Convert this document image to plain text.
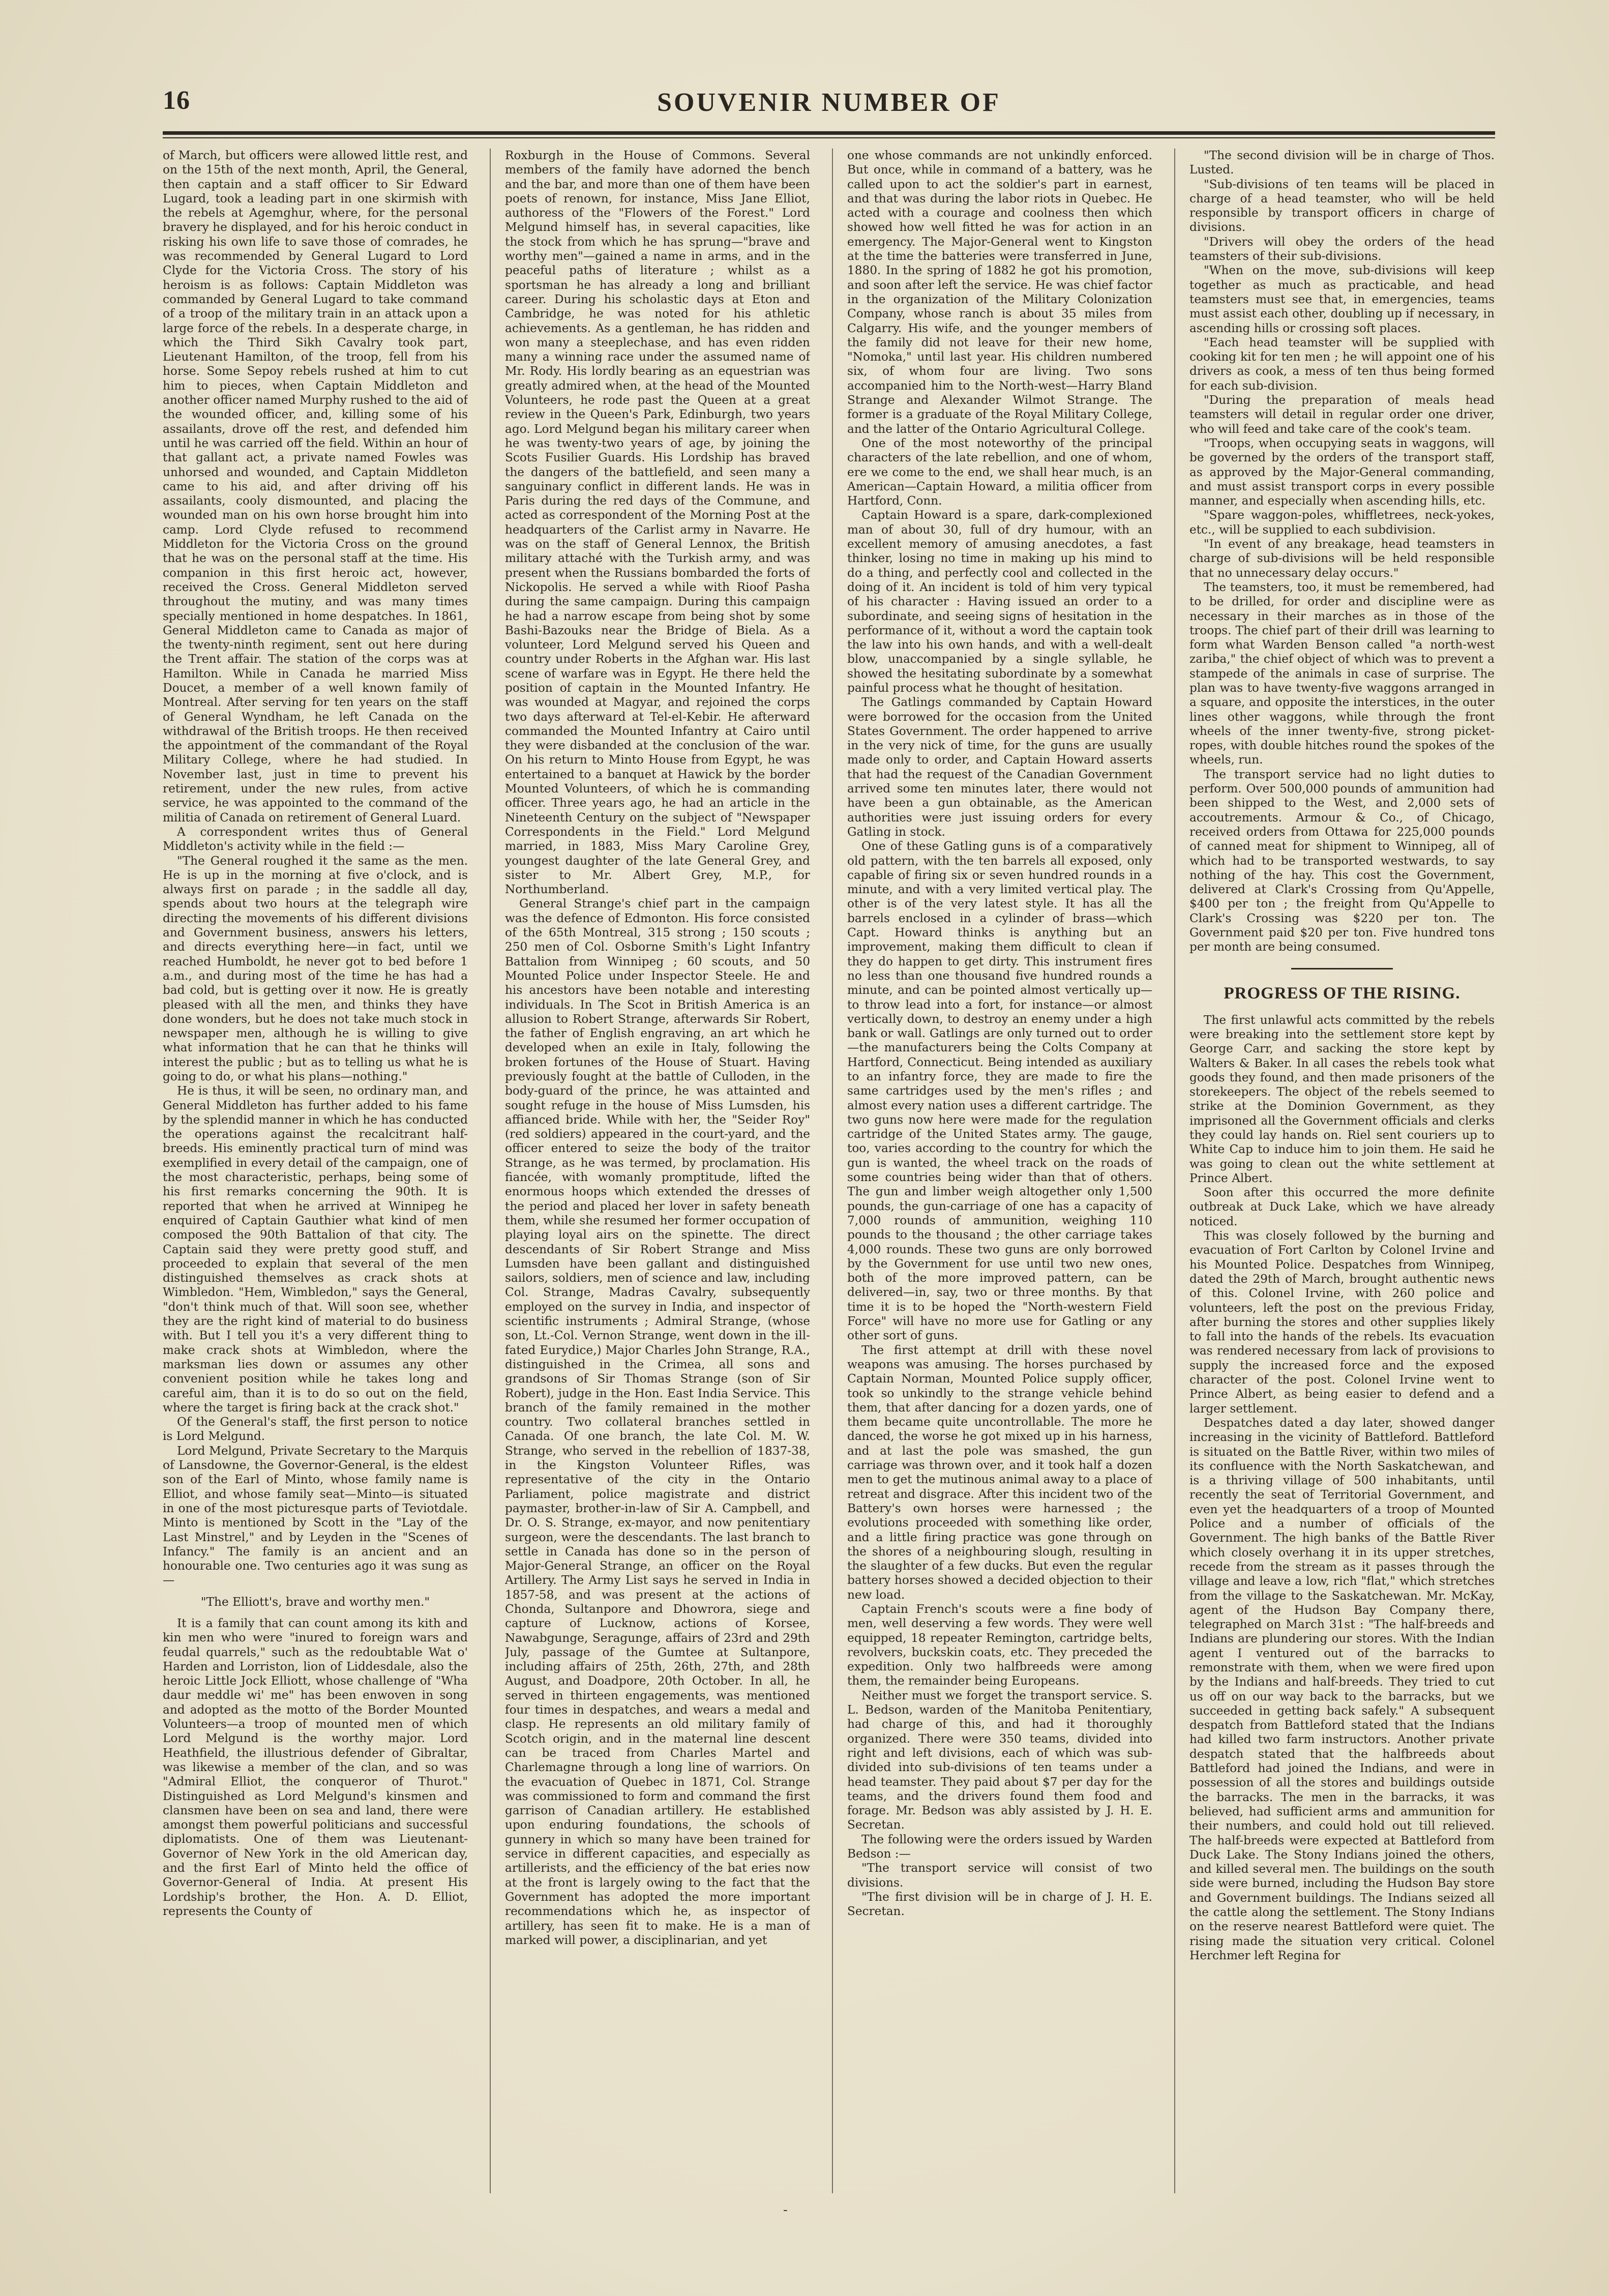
16	SOUVENIR NUMBER OF

of March, but officers were allowed little rest, and on the 15th of the next month, April, the General, then captain and a staff officer to Sir Edward Lugard, took a leading part in one skirmish with the rebels at Agemghur, where, for the personal bravery he displayed, and for his heroic conduct in risking his own life to save those of comrades, he was recommended by General Lugard to Lord Clyde for the Victoria Cross. The story of his heroism is as follows: Captain Middleton was commanded by General Lugard to take command of a troop of the military train in an attack upon a large force of the rebels. In a desperate charge, in which the Third Sikh Cavalry took part, Lieutenant Hamilton, of the troop, fell from his horse. Some Sepoy rebels rushed at him to cut him to pieces, when Captain Middleton and another officer named Murphy rushed to the aid of the wounded officer, and, killing some of his assailants, drove off the rest, and defended him until he was carried off the field. Within an hour of that gallant act, a private named Fowles was unhorsed and wounded, and Captain Middleton came to his aid, and after driving off his assailants, cooly dismounted, and placing the wounded man on his own horse brought him into camp. Lord Clyde refused to recommend Middleton for the Victoria Cross on the ground that he was on the personal staff at the time. His companion in this first heroic act, however, received the Cross. General Middleton served throughout the mutiny, and was many times specially mentioned in home despatches. In 1861, General Middleton came to Canada as major of the twenty-ninth regiment, sent out here during the Trent affair. The station of the corps was at Hamilton. While in Canada he married Miss Doucet, a member of a well known family of Montreal. After serving for ten years on the staff of General Wyndham, he left Canada on the withdrawal of the British troops. He then received the appointment of the commandant of the Royal Military College, where he had studied. In November last, just in time to prevent his retirement, under the new rules, from active service, he was appointed to the command of the militia of Canada on retirement of General Luard.

A correspondent writes thus of General Middleton's activity while in the field :—

"The General roughed it the same as the men. He is up in the morning at five o'clock, and is always first on parade ; in the saddle all day, spends about two hours at the telegraph wire directing the movements of his different divisions and Government business, answers his letters, and directs everything here—in fact, until we reached Humboldt, he never got to bed before 1 a.m., and during most of the time he has had a bad cold, but is getting over it now. He is greatly pleased with all the men, and thinks they have done wonders, but he does not take much stock in newspaper men, although he is willing to give what information that he can that he thinks will interest the public ; but as to telling us what he is going to do, or what his plans—nothing."

He is thus, it will be seen, no ordinary man, and General Middleton has further added to his fame by the splendid manner in which he has conducted the operations against the recalcitrant half-breeds. His eminently practical turn of mind was exemplified in every detail of the campaign, one of the most characteristic, perhaps, being some of his first remarks concerning the 90th. It is reported that when he arrived at Winnipeg he enquired of Captain Gauthier what kind of men composed the 90th Battalion of that city. The Captain said they were pretty good stuff, and proceeded to explain that several of the men distinguished themselves as crack shots at Wimbledon. "Hem, Wimbledon," says the General, "don't think much of that. Will soon see, whether they are the right kind of material to do business with. But I tell you it's a very different thing to make crack shots at Wimbledon, where the marksman lies down or assumes any other convenient position while he takes long and careful aim, than it is to do so out on the field, where the target is firing back at the crack shot."

Of the General's staff, the first person to notice is Lord Melgund.

Lord Melgund, Private Secretary to the Marquis of Lansdowne, the Governor-General, is the eldest son of the Earl of Minto, whose family name is Elliot, and whose family seat—Minto—is situated in one of the most picturesque parts of Teviotdale. Minto is mentioned by Scott in the "Lay of the Last Minstrel," and by Leyden in the "Scenes of Infancy." The family is an ancient and an honourable one. Two centuries ago it was sung as—

"The Elliott's, brave and worthy men."

It is a family that can count among its kith and kin men who were "inured to foreign wars and feudal quarrels," such as the redoubtable Wat o' Harden and Lorriston, lion of Liddesdale, also the heroic Little Jock Elliott, whose challenge of "Wha daur meddle wi' me" has been enwoven in song and adopted as the motto of the Border Mounted Volunteers—a troop of mounted men of which Lord Melgund is the worthy major. Lord Heathfield, the illustrious defender of Gibraltar, was likewise a member of the clan, and so was "Admiral Elliot, the conqueror of Thurot." Distinguished as Lord Melgund's kinsmen and clansmen have been on sea and land, there were amongst them powerful politicians and successful diplomatists. One of them was Lieutenant-Governor of New York in the old American day, and the first Earl of Minto held the office of Governor-General of India. At present His Lordship's brother, the Hon. A. D. Elliot, represents the County of

Roxburgh in the House of Commons. Several members of the family have adorned the bench and the bar, and more than one of them have been poets of renown, for instance, Miss Jane Elliot, authoress of the "Flowers of the Forest." Lord Melgund himself has, in several capacities, like the stock from which he has sprung—"brave and worthy men"—gained a name in arms, and in the peaceful paths of literature ; whilst as a sportsman he has already a long and brilliant career. During his scholastic days at Eton and Cambridge, he was noted for his athletic achievements. As a gentleman, he has ridden and won many a steeplechase, and has even ridden many a winning race under the assumed name of Mr. Rody. His lordly bearing as an equestrian was greatly admired when, at the head of the Mounted Volunteers, he rode past the Queen at a great review in the Queen's Park, Edinburgh, two years ago. Lord Melgund began his military career when he was twenty-two years of age, by joining the Scots Fusilier Guards. His Lordship has braved the dangers of the battlefield, and seen many a sanguinary conflict in different lands. He was in Paris during the red days of the Commune, and acted as correspondent of the Morning Post at the headquarters of the Carlist army in Navarre. He was on the staff of General Lennox, the British military attaché with the Turkish army, and was present when the Russians bombarded the forts of Nickopolis. He served a while with Rioof Pasha during the same campaign. During this campaign he had a narrow escape from being shot by some Bashi-Bazouks near the Bridge of Biela. As a volunteer, Lord Melgund served his Queen and country under Roberts in the Afghan war. His last scene of warfare was in Egypt. He there held the position of captain in the Mounted Infantry. He was wounded at Magyar, and rejoined the corps two days afterward at Tel-el-Kebir. He afterward commanded the Mounted Infantry at Cairo until they were disbanded at the conclusion of the war. On his return to Minto House from Egypt, he was entertained to a banquet at Hawick by the border Mounted Volunteers, of which he is commanding officer. Three years ago, he had an article in the Nineteenth Century on the subject of "Newspaper Correspondents in the Field." Lord Melgund married, in 1883, Miss Mary Caroline Grey, youngest daughter of the late General Grey, and sister to Mr. Albert Grey, M.P., for Northumberland.

General Strange's chief part in the campaign was the defence of Edmonton. His force consisted of the 65th Montreal, 315 strong ; 150 scouts ; 250 men of Col. Osborne Smith's Light Infantry Battalion from Winnipeg ; 60 scouts, and 50 Mounted Police under Inspector Steele. He and his ancestors have been notable and interesting individuals. In The Scot in British America is an allusion to Robert Strange, afterwards Sir Robert, the father of English engraving, an art which he developed when an exile in Italy, following the broken fortunes of the House of Stuart. Having previously fought at the battle of Culloden, in the body-guard of the prince, he was attainted and sought refuge in the house of Miss Lumsden, his affianced bride. While with her, the "Seider Roy" (red soldiers) appeared in the court-yard, and the officer entered to seize the body of the traitor Strange, as he was termed, by proclamation. His fiancée, with womanly promptitude, lifted the enormous hoops which extended the dresses of the period and placed her lover in safety beneath them, while she resumed her former occupation of playing loyal airs on the spinette. The direct descendants of Sir Robert Strange and Miss Lumsden have been gallant and distinguished sailors, soldiers, men of science and law, including Col. Strange, Madras Cavalry, subsequently employed on the survey in India, and inspector of scientific instruments ; Admiral Strange, (whose son, Lt.-Col. Vernon Strange, went down in the ill-fated Eurydice,) Major Charles John Strange, R.A., distinguished in the Crimea, all sons and grandsons of Sir Thomas Strange (son of Sir Robert), judge in the Hon. East India Service. This branch of the family remained in the mother country. Two collateral branches settled in Canada. Of one branch, the late Col. M. W. Strange, who served in the rebellion of 1837-38, in the Kingston Volunteer Rifles, was representative of the city in the Ontario Parliament, police magistrate and district paymaster, brother-in-law of Sir A. Campbell, and Dr. O. S. Strange, ex-mayor, and now penitentiary surgeon, were the descendants. The last branch to settle in Canada has done so in the person of Major-General Strange, an officer on the Royal Artillery. The Army List says he served in India in 1857-58, and was present at the actions of Chonda, Sultanpore and Dhowrora, siege and capture of Lucknow, actions of Korsee, Nawabgunge, Seragunge, affairs of 23rd and 29th July, passage of the Gumtee at Sultanpore, including affairs of 25th, 26th, 27th, and 28th August, and Doadpore, 20th October. In all, he served in thirteen engagements, was mentioned four times in despatches, and wears a medal and clasp. He represents an old military family of Scotch origin, and in the maternal line descent can be traced from Charles Martel and Charlemagne through a long line of warriors. On the evacuation of Quebec in 1871, Col. Strange was commissioned to form and command the first garrison of Canadian artillery. He established upon enduring foundations, the schools of gunnery in which so many have been trained for service in different capacities, and especially as artillerists, and the efficiency of the bat eries now at the front is largely owing to the fact that the Government has adopted the more important recommendations which he, as inspector of artillery, has seen fit to make. He is a man of marked will power, a disciplinarian, and yet

one whose commands are not unkindly enforced. But once, while in command of a battery, was he called upon to act the soldier's part in earnest, and that was during the labor riots in Quebec. He acted with a courage and coolness then which showed how well fitted he was for action in an emergency. The Major-General went to Kingston at the time the batteries were transferred in June, 1880. In the spring of 1882 he got his promotion, and soon after left the service. He was chief factor in the organization of the Military Colonization Company, whose ranch is about 35 miles from Calgarry. His wife, and the younger members of the family did not leave for their new home, "Nomoka," until last year. His children numbered six, of whom four are living. Two sons accompanied him to the North-west—Harry Bland Strange and Alexander Wilmot Strange. The former is a graduate of the Royal Military College, and the latter of the Ontario Agricultural College.

One of the most noteworthy of the principal characters of the late rebellion, and one of whom, ere we come to the end, we shall hear much, is an American—Captain Howard, a militia officer from Hartford, Conn.

Captain Howard is a spare, dark-complexioned man of about 30, full of dry humour, with an excellent memory of amusing anecdotes, a fast thinker, losing no time in making up his mind to do a thing, and perfectly cool and collected in the doing of it. An incident is told of him very typical of his character : Having issued an order to a subordinate, and seeing signs of hesitation in the performance of it, without a word the captain took the law into his own hands, and with a well-dealt blow, unaccompanied by a single syllable, he showed the hesitating subordinate by a somewhat painful process what he thought of hesitation.

The Gatlings commanded by Captain Howard were borrowed for the occasion from the United States Government. The order happened to arrive in the very nick of time, for the guns are usually made only to order, and Captain Howard asserts that had the request of the Canadian Government arrived some ten minutes later, there would not have been a gun obtainable, as the American authorities were just issuing orders for every Gatling in stock.

One of these Gatling guns is of a comparatively old pattern, with the ten barrels all exposed, only capable of firing six or seven hundred rounds in a minute, and with a very limited vertical play. The other is of the very latest style. It has all the barrels enclosed in a cylinder of brass—which Capt. Howard thinks is anything but an improvement, making them difficult to clean if they do happen to get dirty. This instrument fires no less than one thousand five hundred rounds a minute, and can be pointed almost vertically up—to throw lead into a fort, for instance—or almost vertically down, to destroy an enemy under a high bank or wall. Gatlings are only turned out to order —the manufacturers being the Colts Company at Hartford, Connecticut. Being intended as auxiliary to an infantry force, they are made to fire the same cartridges used by the men's rifles ; and almost every nation uses a different cartridge. The two guns now here were made for the regulation cartridge of the United States army. The gauge, too, varies according to the country for which the gun is wanted, the wheel track on the roads of some countries being wider than that of others. The gun and limber weigh altogether only 1,500 pounds, the gun-carriage of one has a capacity of 7,000 rounds of ammunition, weighing 110 pounds to the thousand ; the other carriage takes 4,000 rounds. These two guns are only borrowed by the Government for use until two new ones, both of the more improved pattern, can be delivered—in, say, two or three months. By that time it is to be hoped the "North-western Field Force" will have no more use for Gatling or any other sort of guns.

The first attempt at drill with these novel weapons was amusing. The horses purchased by Captain Norman, Mounted Police supply officer, took so unkindly to the strange vehicle behind them, that after dancing for a dozen yards, one of them became quite uncontrollable. The more he danced, the worse he got mixed up in his harness, and at last the pole was smashed, the gun carriage was thrown over, and it took half a dozen men to get the mutinous animal away to a place of retreat and disgrace. After this incident two of the Battery's own horses were harnessed ; the evolutions proceeded with something like order, and a little firing practice was gone through on the shores of a neighbouring slough, resulting in the slaughter of a few ducks. But even the regular battery horses showed a decided objection to their new load.

Captain French's scouts were a fine body of men, well deserving a few words. They were well equipped, 18 repeater Remington, cartridge belts, revolvers, buckskin coats, etc. They preceded the expedition. Only two halfbreeds were among them, the remainder being Europeans.

Neither must we forget the transport service. S. L. Bedson, warden of the Manitoba Penitentiary, had charge of this, and had it thoroughly organized. There were 350 teams, divided into right and left divisions, each of which was sub-divided into sub-divisions of ten teams under a head teamster. They paid about $7 per day for the teams, and the drivers found them food and forage. Mr. Bedson was ably assisted by J. H. E. Secretan.

The following were the orders issued by Warden Bedson :—

"The transport service will consist of two divisions.

"The first division will be in charge of J. H. E. Secretan.

"The second division will be in charge of Thos. Lusted.

"Sub-divisions of ten teams will be placed in charge of a head teamster, who will be held responsible by transport officers in charge of divisions.

"Drivers will obey the orders of the head teamsters of their sub-divisions.

"When on the move, sub-divisions will keep together as much as practicable, and head teamsters must see that, in emergencies, teams must assist each other, doubling up if necessary, in ascending hills or crossing soft places.

"Each head teamster will be supplied with cooking kit for ten men ; he will appoint one of his drivers as cook, a mess of ten thus being formed for each sub-division.

"During the preparation of meals head teamsters will detail in regular order one driver, who will feed and take care of the cook's team.

"Troops, when occupying seats in waggons, will be governed by the orders of the transport staff, as approved by the Major-General commanding, and must assist transport corps in every possible manner, and especially when ascending hills, etc.

"Spare waggon-poles, whiffletrees, neck-yokes, etc., will be supplied to each subdivision.

"In event of any breakage, head teamsters in charge of sub-divisions will be held responsible that no unnecessary delay occurs."

The teamsters, too, it must be remembered, had to be drilled, for order and discipline were as necessary in their marches as in those of the troops. The chief part of their drill was learning to form what Warden Benson called "a north-west zariba," the chief object of which was to prevent a stampede of the animals in case of surprise. The plan was to have twenty-five waggons arranged in a square, and opposite the interstices, in the outer lines other waggons, while through the front wheels of the inner twenty-five, strong picket-ropes, with double hitches round the spokes of the wheels, run.

The transport service had no light duties to perform. Over 500,000 pounds of ammunition had been shipped to the West, and 2,000 sets of accoutrements. Armour & Co., of Chicago, received orders from Ottawa for 225,000 pounds of canned meat for shipment to Winnipeg, all of which had to be transported westwards, to say nothing of the hay. This cost the Government, delivered at Clark's Crossing from Qu'Appelle, $400 per ton ; the freight from Qu'Appelle to Clark's Crossing was $220 per ton. The Government paid $20 per ton. Five hundred tons per month are being consumed.

PROGRESS OF THE RISING.

The first unlawful acts committed by the rebels were breaking into the settlement store kept by George Carr, and sacking the store kept by Walters & Baker. In all cases the rebels took what goods they found, and then made prisoners of the storekeepers. The object of the rebels seemed to strike at the Dominion Government, as they imprisoned all the Government officials and clerks they could lay hands on. Riel sent couriers up to White Cap to induce him to join them. He said he was going to clean out the white settlement at Prince Albert.

Soon after this occurred the more definite outbreak at Duck Lake, which we have already noticed.

This was closely followed by the burning and evacuation of Fort Carlton by Colonel Irvine and his Mounted Police. Despatches from Winnipeg, dated the 29th of March, brought authentic news of this. Colonel Irvine, with 260 police and volunteers, left the post on the previous Friday, after burning the stores and other supplies likely to fall into the hands of the rebels. Its evacuation was rendered necessary from lack of provisions to supply the increased force and the exposed character of the post. Colonel Irvine went to Prince Albert, as being easier to defend and a larger settlement.

Despatches dated a day later, showed danger increasing in the vicinity of Battleford. Battleford is situated on the Battle River, within two miles of its confluence with the North Saskatchewan, and is a thriving village of 500 inhabitants, until recently the seat of Territorial Government, and even yet the headquarters of a troop of Mounted Police and a number of officials of the Government. The high banks of the Battle River which closely overhang it in its upper stretches, recede from the stream as it passes through the village and leave a low, rich "flat," which stretches from the village to the Saskatchewan. Mr. McKay, agent of the Hudson Bay Company there, telegraphed on March 31st : "The half-breeds and Indians are plundering our stores. With the Indian agent I ventured out of the barracks to remonstrate with them, when we were fired upon by the Indians and half-breeds. They tried to cut us off on our way back to the barracks, but we succeeded in getting back safely." A subsequent despatch from Battleford stated that the Indians had killed two farm instructors. Another private despatch stated that the halfbreeds about Battleford had joined the Indians, and were in possession of all the stores and buildings outside the barracks. The men in the barracks, it was believed, had sufficient arms and ammunition for their numbers, and could hold out till relieved. The half-breeds were expected at Battleford from Duck Lake. The Stony Indians joined the others, and killed several men. The buildings on the south side were burned, including the Hudson Bay store and Government buildings. The Indians seized all the cattle along the settlement. The Stony Indians on the reserve nearest Battleford were quiet. The rising made the situation very critical. Colonel Herchmer left Regina for

-
